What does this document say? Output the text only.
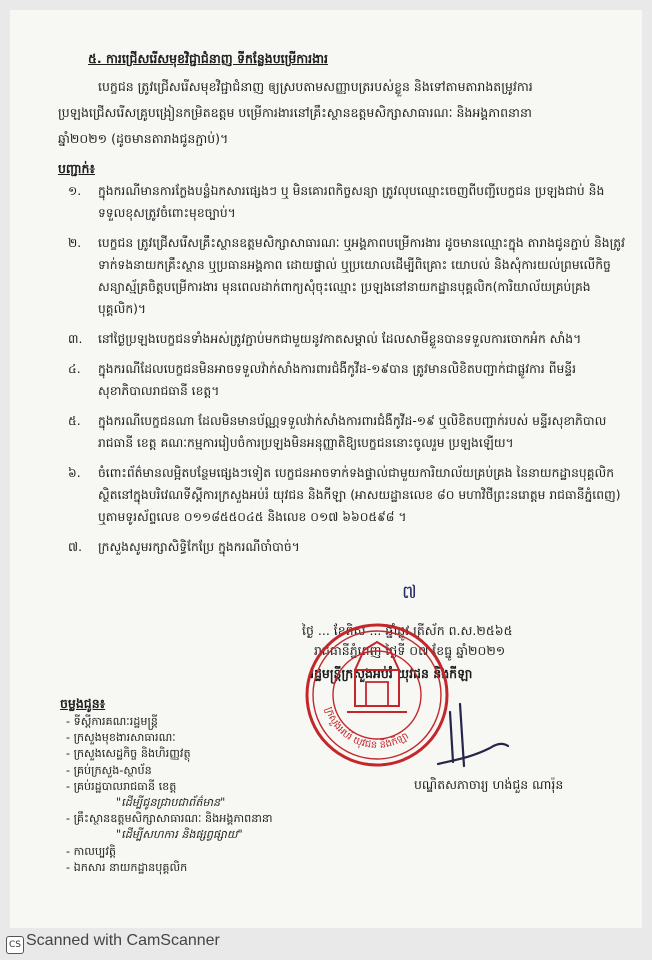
៥. ការជ្រើសរើសមុខវិជ្ជាជំនាញ ទីកន្លែងបម្រើការងារ
បេក្ខជន ត្រូវជ្រើសរើសមុខវិជ្ជាជំនាញ ឲ្យស្របតាមសញ្ញាបត្ររបស់ខ្លួន និងទៅតាមតារាងតម្រូវការ
ប្រឡងជ្រើសរើសគ្រូបង្រៀនកម្រិតឧត្តម បម្រើការងារនៅគ្រឹះស្ថានឧត្តមសិក្សាសាធារណៈ និងអង្គភាពនានា
ឆ្នាំ២០២១ (ដូចមានតារាងជូនភ្ជាប់)។
បញ្ជាក់៖
១.	ក្នុងករណីមានការក្លែងបន្លំឯកសារផ្សេងៗ ឬ មិនគោរពកិច្ចសន្យា ត្រូវលុបឈ្មោះចេញពីបញ្ជីបេក្ខជន ប្រឡងជាប់ និងទទួលខុសត្រូវចំពោះមុខច្បាប់។
២.	បេក្ខជន ត្រូវជ្រើសរើសគ្រឹះស្ថានឧត្តមសិក្សាសាធារណៈ ឬអង្គភាពបម្រើការងារ ដូចមានឈ្មោះក្នុង តារាងជូនភ្ជាប់ និងត្រូវទាក់ទងនាយកគ្រឹះស្ថាន ឬប្រធានអង្គភាព ដោយផ្ទាល់ ឬប្រយោលដើម្បីពិគ្រោះ យោបល់ និងសុំការយល់ព្រមលើកិច្ចសន្យាស្ម័គ្រចិត្តបម្រើការងារ មុនពេលដាក់ពាក្យសុំចុះឈ្មោះ ប្រឡងនៅនាយកដ្ឋានបុគ្គលិក(ការិយាល័យគ្រប់គ្រងបុគ្គលិក)។
៣.	នៅថ្ងៃប្រឡងបេក្ខជនទាំងអស់ត្រូវភ្ជាប់មកជាមួយនូវកាតសម្គាល់ ដែលសាមីខ្លួនបានទទួលការចោកអំក សាំង។
៤.	ក្នុងករណីដែលបេក្ខជនមិនអាចទទួលវ៉ាក់សាំងការពារជំងឺកូវីដ-១៩បាន ត្រូវមានលិខិតបញ្ជាក់ជាផ្លូវការ ពីមន្ទីរសុខាភិបាលរាជធានី ខេត្ត។
៥.	ក្នុងករណីបេក្ខជនណា ដែលមិនមានប័ណ្ណទទួលវ៉ាក់សាំងការពារជំងឺកូវីដ-១៩ ឬលិខិតបញ្ជាក់របស់ មន្ទីរសុខាភិបាលរាជធានី ខេត្ត គណៈកម្មការរៀបចំការប្រឡងមិនអនុញ្ញាតិឱ្យបេក្ខជននោះចូលរួម ប្រឡងឡើយ។
៦.	ចំពោះព័ត៌មានលម្អិតបន្ថែមផ្សេងៗទៀត បេក្ខជនអាចទាក់ទងផ្ទាល់ជាមួយការិយាល័យគ្រប់គ្រង នៃនាយកដ្ឋានបុគ្គលិក ស្ថិតនៅក្នុងបរិវេណទីស្តីការក្រសួងអប់រំ យុវជន និងកីឡា (អាសយដ្ឋានលេខ ៨០ មហាវិថីព្រះនរោត្តម រាជធានីភ្នំពេញ) ឬតាមទូរស័ព្ទលេខ ០១១៨៥៥០៤៥ និងលេខ ០១៧ ៦៦០៥៩៨ ។
៧.	ក្រសួងសូមរក្សាសិទ្ធិកែប្រែ ក្នុងករណីចាំបាច់។
ថ្ងៃ ... ខែពិស ... ឆ្នាំឆ្លូវ ត្រីស័ក ព.ស.២៥៦៥
រាជធានីភ្នំពេញ ថ្ងៃទី ០៧ ខែធ្នូ ឆ្នាំ២០២១
រដ្ឋមន្ត្រីក្រសួងអប់រំ យុវជន និងកីឡា
បណ្ឌិតសភាចារ្យ ហង់ជួន ណារ៉ុន
៧
ក្រសួងអប់រំ យុវជន និងកីឡា
ចម្លងជូន៖
- ទីស្តីការគណៈរដ្ឋមន្ត្រី
- ក្រសួងមុខងារសាធារណៈ
- ក្រសួងសេដ្ឋកិច្ច និងហិរញ្ញវត្ថុ
- គ្រប់ក្រសួង-ស្ថាប័ន
- គ្រប់រដ្ឋបាលរាជធានី ខេត្ត
"ដើម្បីជូនជ្រាបជាព័ត៌មាន"
- គ្រឹះស្ថានឧត្តមសិក្សាសាធារណៈ និងអង្គភាពនានា
"ដើម្បីសហការ និងផ្សព្វផ្សាយ"
- កាលប្បវត្តិ
- ឯកសារ នាយកដ្ឋានបុគ្គលិក
CS Scanned with CamScanner
